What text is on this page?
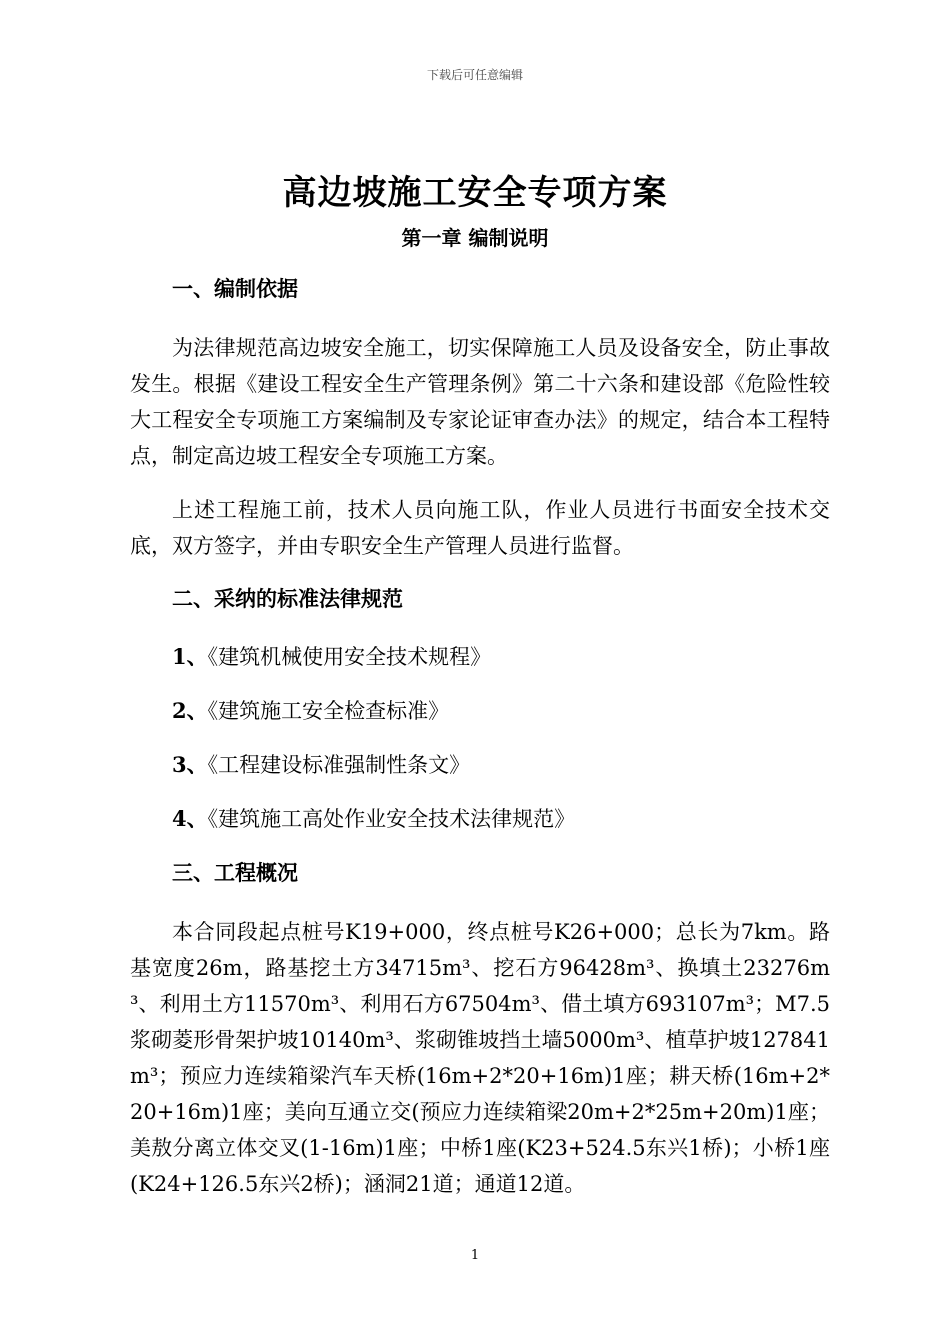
下载后可任意编辑
高边坡施工安全专项方案
第一章 编制说明
一、编制依据
为法律规范高边坡安全施工，切实保障施工人员及设备安全，防止事故发生。根据《建设工程安全生产管理条例》第二十六条和建设部《危险性较大工程安全专项施工方案编制及专家论证审查办法》的规定，结合本工程特点，制定高边坡工程安全专项施工方案。
上述工程施工前，技术人员向施工队，作业人员进行书面安全技术交底，双方签字，并由专职安全生产管理人员进行监督。
二、采纳的标准法律规范
1、《建筑机械使用安全技术规程》
2、《建筑施工安全检查标准》
3、《工程建设标准强制性条文》
4、《建筑施工高处作业安全技术法律规范》
三、工程概况
本合同段起点桩号K19+000，终点桩号K26+000；总长为7km。路基宽度26m，路基挖土方34715m³、挖石方96428m³、换填土23276m³、利用土方11570m³、利用石方67504m³、借土填方693107m³；M7.5浆砌菱形骨架护坡10140m³、浆砌锥坡挡土墙5000m³、植草护坡127841m³；预应力连续箱梁汽车天桥(16m+2*20+16m)1座；耕天桥(16m+2*20+16m)1座；美向互通立交(预应力连续箱梁20m+2*25m+20m)1座；美敖分离立体交叉(1-16m)1座；中桥1座(K23+524.5东兴1桥)；小桥1座(K24+126.5东兴2桥)；涵洞21道；通道12道。
1
